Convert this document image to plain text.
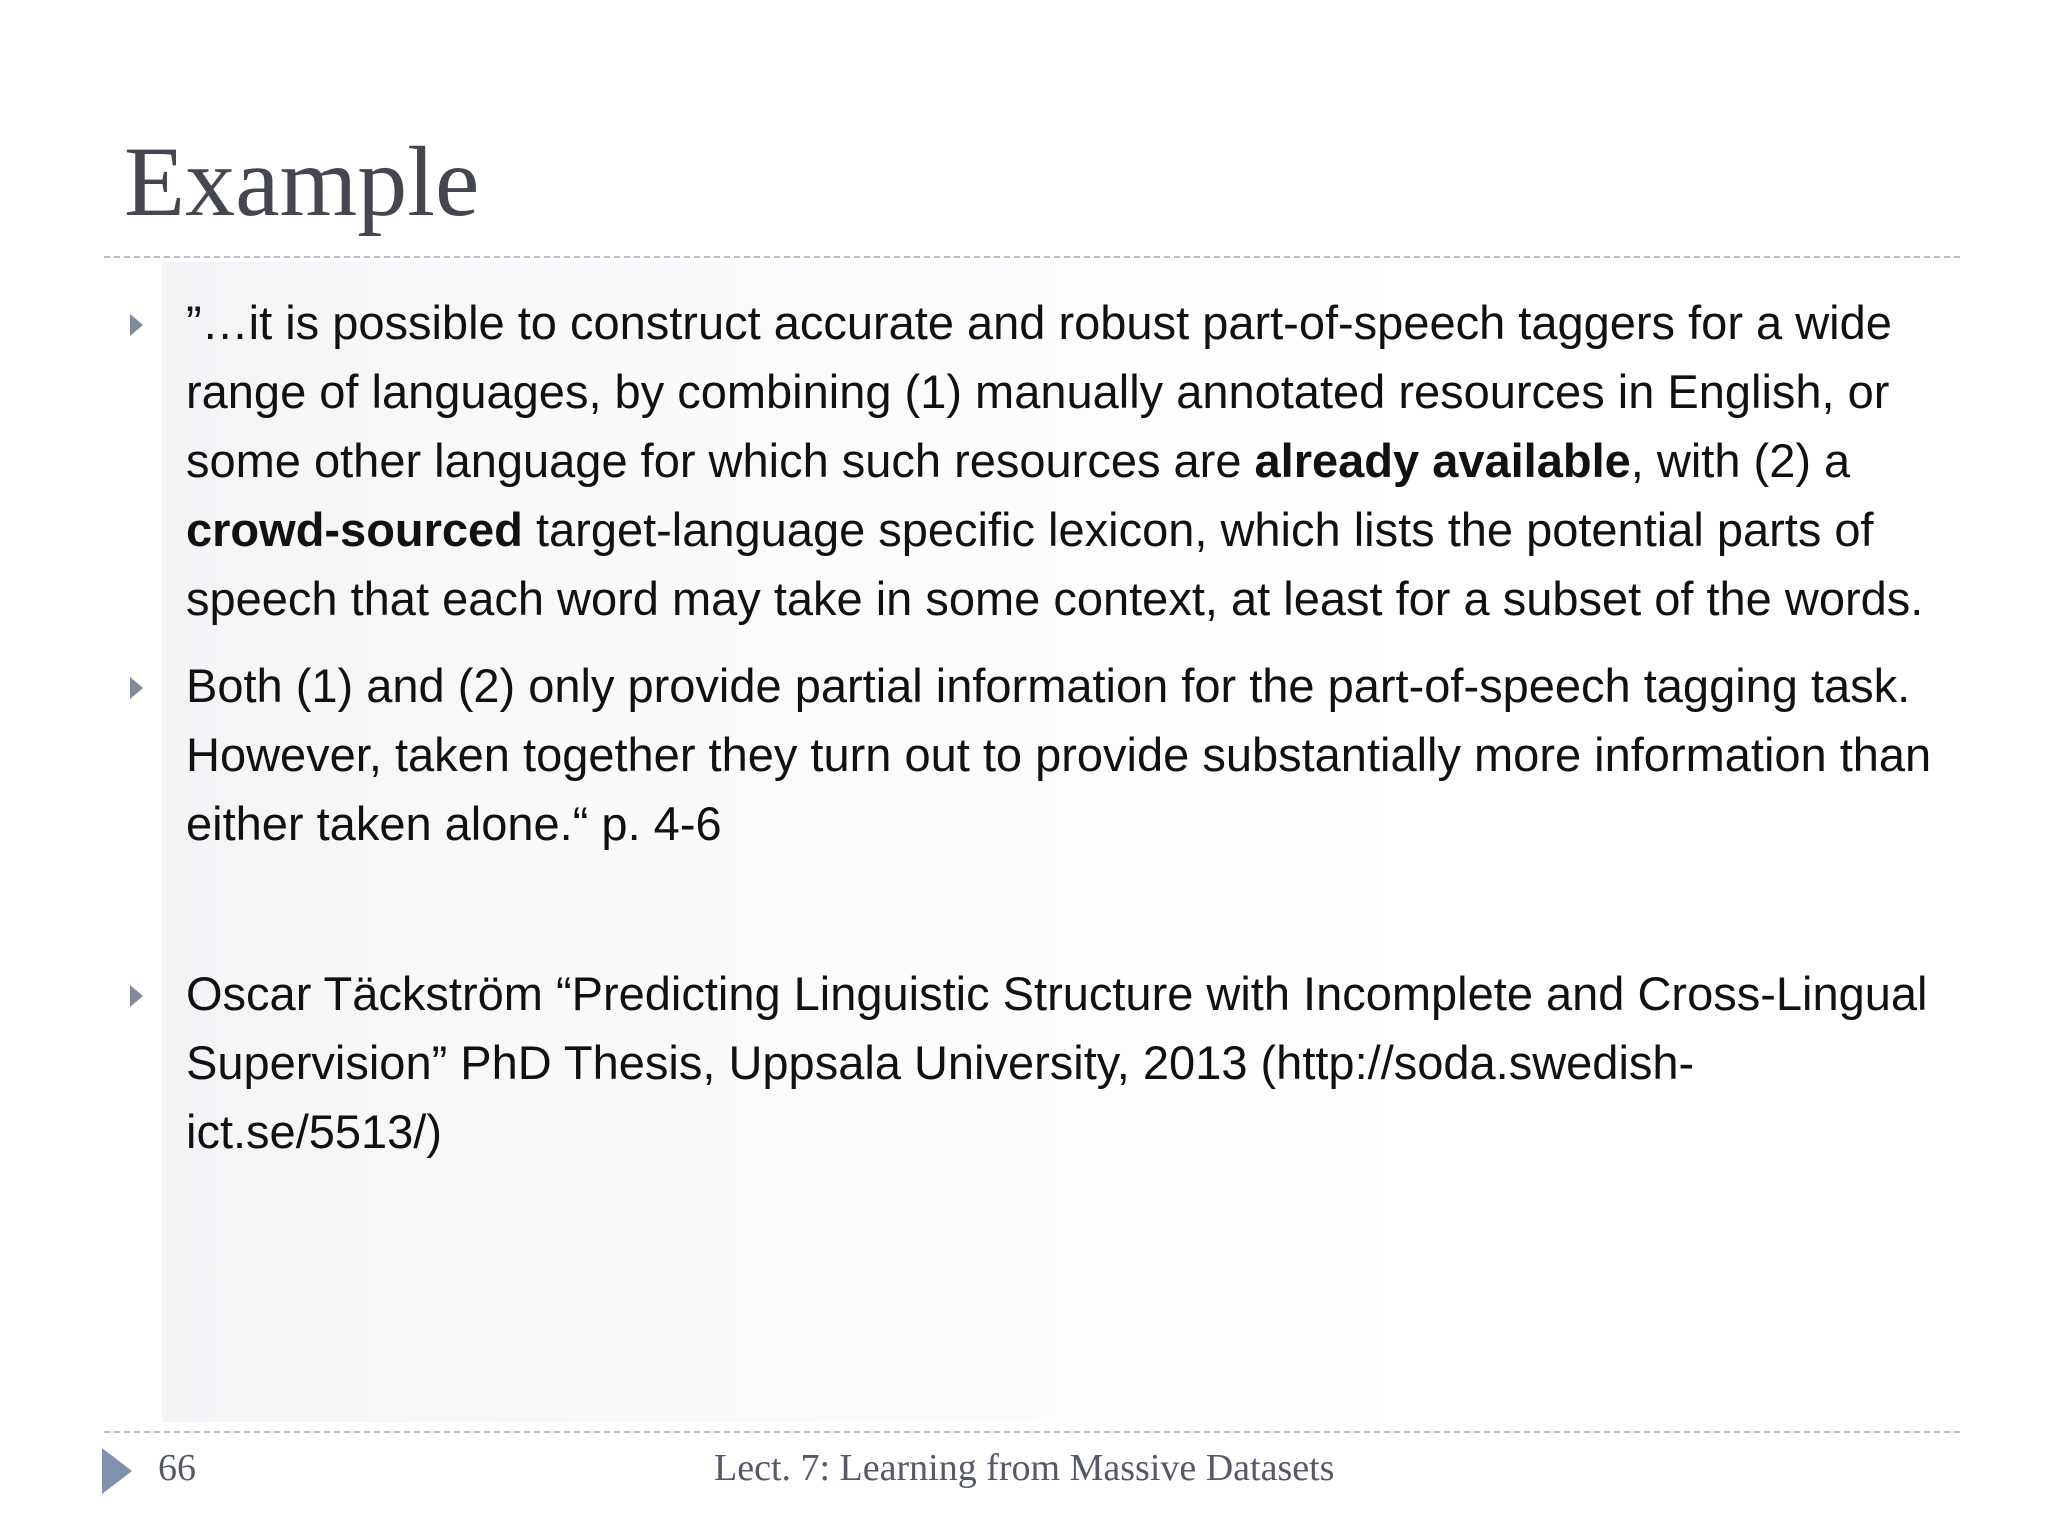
Example
”…it is possible to construct accurate and robust part-of-speech taggers for a wide range of languages, by combining (1) manually annotated resources in English, or some other language for which such resources are already available, with (2) a crowd-sourced target-language specific lexicon, which lists the potential parts of speech that each word may take in some context, at least for a subset of the words.
Both (1) and (2) only provide partial information for the part-of-speech tagging task. However, taken together they turn out to provide substantially more information than either taken alone.“ p. 4-6
Oscar Täckström “Predicting Linguistic Structure with Incomplete and Cross-Lingual Supervision” PhD Thesis, Uppsala University, 2013 (http://soda.swedish-ict.se/5513/)
66	Lect. 7: Learning from Massive Datasets
